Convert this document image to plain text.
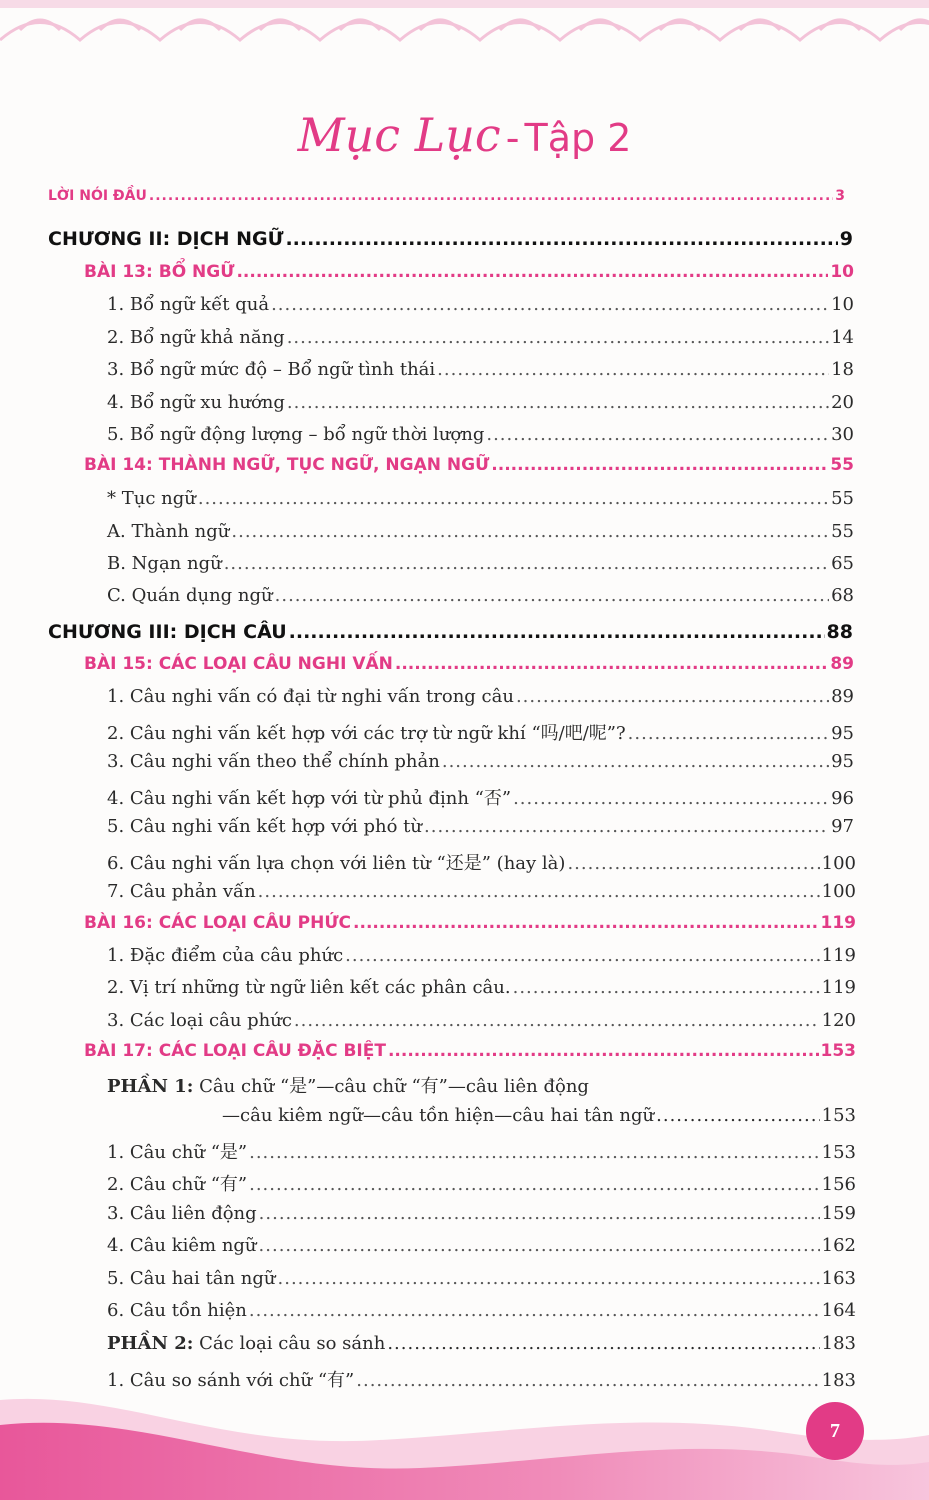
Mục Lục - Tập 2
LỜI NÓI ĐẦU .....	3
CHƯƠNG II: DỊCH NGỮ .....	9
BÀI 13: BỔ NGỮ .....	10
1. Bổ ngữ kết quả .....	10
2. Bổ ngữ khả năng .....	14
3. Bổ ngữ mức độ – Bổ ngữ tình thái .....	18
4. Bổ ngữ xu hướng .....	20
5. Bổ ngữ động lượng – bổ ngữ thời lượng .....	30
BÀI 14: THÀNH NGỮ, TỤC NGỮ, NGẠN NGỮ .....	55
* Tục ngữ .....	55
A. Thành ngữ .....	55
B. Ngạn ngữ .....	65
C. Quán dụng ngữ .....	68
CHƯƠNG III: DỊCH CÂU .....	88
BÀI 15: CÁC LOẠI CÂU NGHI VẤN .....	89
1. Câu nghi vấn có đại từ nghi vấn trong câu .....	89
2. Câu nghi vấn kết hợp với các trợ từ ngữ khí “吗/吧/呢”? .....	95
3. Câu nghi vấn theo thể chính phản .....	95
4. Câu nghi vấn kết hợp với từ phủ định “否” .....	96
5. Câu nghi vấn kết hợp với phó từ .....	97
6. Câu nghi vấn lựa chọn với liên từ “还是” (hay là) .....	100
7. Câu phản vấn .....	100
BÀI 16: CÁC LOẠI CÂU PHỨC .....	119
1. Đặc điểm của câu phức .....	119
2. Vị trí những từ ngữ liên kết các phân câu. .....	119
3. Các loại câu phức .....	120
BÀI 17: CÁC LOẠI CÂU ĐẶC BIỆT .....	153
PHẦN 1:
Câu chữ “是”—câu chữ “有”—câu liên động
—câu kiêm ngữ—câu tồn hiện—câu hai tân ngữ .....	153
1. Câu chữ “是” .....	153
2. Câu chữ “有” .....	156
3. Câu liên động .....	159
4. Câu kiêm ngữ .....	162
5. Câu hai tân ngữ .....	163
6. Câu tồn hiện .....	164
PHẦN 2:
Các loại câu so sánh .....	183
1. Câu so sánh với chữ “有” .....	183
7
